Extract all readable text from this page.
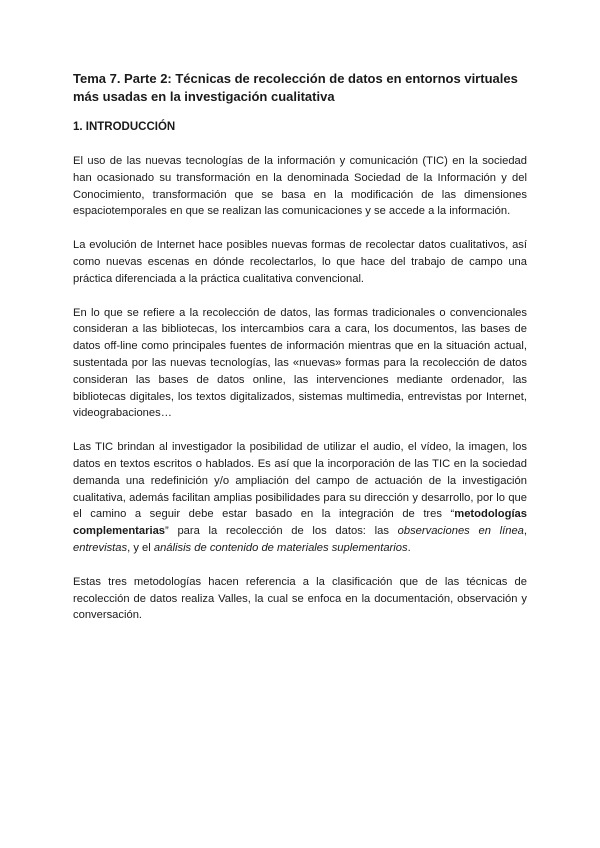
Tema 7. Parte 2: Técnicas de recolección de datos en entornos virtuales más usadas en la investigación cualitativa
1. INTRODUCCIÓN

El uso de las nuevas tecnologías de la información y comunicación (TIC) en la sociedad han ocasionado su transformación en la denominada Sociedad de la Información y del Conocimiento, transformación que se basa en la modificación de las dimensiones espaciotemporales en que se realizan las comunicaciones y se accede a la información.

La evolución de Internet hace posibles nuevas formas de recolectar datos cualitativos, así como nuevas escenas en dónde recolectarlos, lo que hace del trabajo de campo una práctica diferenciada a la práctica cualitativa convencional.

En lo que se refiere a la recolección de datos, las formas tradicionales o convencionales consideran a las bibliotecas, los intercambios cara a cara, los documentos, las bases de datos off-line como principales fuentes de información mientras que en la situación actual, sustentada por las nuevas tecnologías, las «nuevas» formas para la recolección de datos consideran las bases de datos online, las intervenciones mediante ordenador, las bibliotecas digitales, los textos digitalizados, sistemas multimedia, entrevistas por Internet, videograbaciones…

Las TIC brindan al investigador la posibilidad de utilizar el audio, el vídeo, la imagen, los datos en textos escritos o hablados. Es así que la incorporación de las TIC en la sociedad demanda una redefinición y/o ampliación del campo de actuación de la investigación cualitativa, además facilitan amplias posibilidades para su dirección y desarrollo, por lo que el camino a seguir debe estar basado en la integración de tres “metodologías complementarias” para la recolección de los datos: las observaciones en línea, entrevistas, y el análisis de contenido de materiales suplementarios.

Estas tres metodologías hacen referencia a la clasificación que de las técnicas de recolección de datos realiza Valles, la cual se enfoca en la documentación, observación y conversación.
